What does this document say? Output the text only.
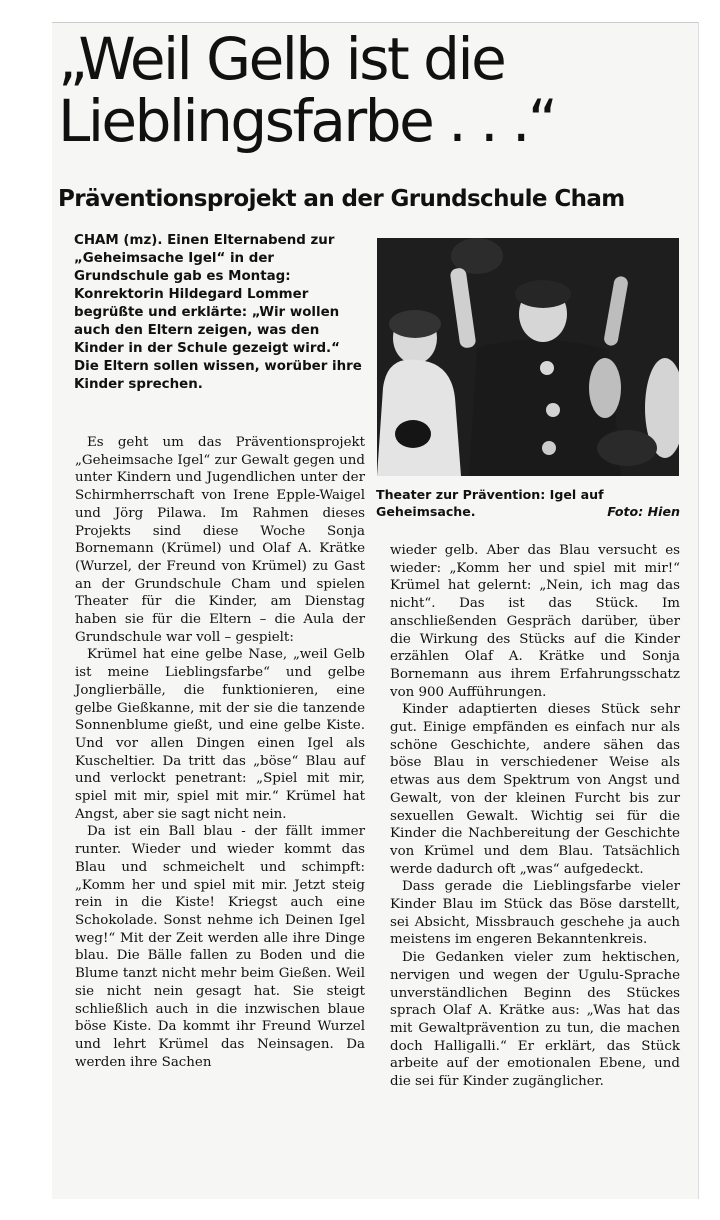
„Weil Gelb ist die
Lieblingsfarbe . . .“
Präventionsprojekt an der Grundschule Cham

CHAM (mz). Einen Elternabend zur „Geheimsache Igel“ in der Grundschule gab es Montag: Konrektorin Hildegard Lommer begrüßte und erklärte: „Wir wollen auch den Eltern zeigen, was den Kinder in der Schule gezeigt wird.“ Die Eltern sollen wissen, worüber ihre Kinder sprechen.

Theater zur Prävention: Igel auf Geheimsache.	Foto: Hien

Es geht um das Präventionsprojekt „Geheimsache Igel“ zur Gewalt gegen und unter Kindern und Jugendlichen unter der Schirmherrschaft von Irene Epple-Waigel und Jörg Pilawa. Im Rahmen dieses Projekts sind diese Woche Sonja Bornemann (Krümel) und Olaf A. Krätke (Wurzel, der Freund von Krümel) zu Gast an der Grundschule Cham und spielen Theater für die Kinder, am Dienstag haben sie für die Eltern – die Aula der Grundschule war voll – gespielt:

Krümel hat eine gelbe Nase, „weil Gelb ist meine Lieblingsfarbe“ und gelbe Jonglierbälle, die funktionieren, eine gelbe Gießkanne, mit der sie die tanzende Sonnenblume gießt, und eine gelbe Kiste. Und vor allen Dingen einen Igel als Kuscheltier. Da tritt das „böse“ Blau auf und verlockt penetrant: „Spiel mit mir, spiel mit mir, spiel mit mir.“ Krümel hat Angst, aber sie sagt nicht nein.

Da ist ein Ball blau - der fällt immer runter. Wieder und wieder kommt das Blau und schmeichelt und schimpft: „Komm her und spiel mit mir. Jetzt steig rein in die Kiste! Kriegst auch eine Schokolade. Sonst nehme ich Deinen Igel weg!“ Mit der Zeit werden alle ihre Dinge blau. Die Bälle fallen zu Boden und die Blume tanzt nicht mehr beim Gießen. Weil sie nicht nein gesagt hat. Sie steigt schließlich auch in die inzwischen blaue böse Kiste. Da kommt ihr Freund Wurzel und lehrt Krümel das Neinsagen. Da werden ihre Sachen

wieder gelb. Aber das Blau versucht es wieder: „Komm her und spiel mit mir!“ Krümel hat gelernt: „Nein, ich mag das nicht“. Das ist das Stück. Im anschließenden Gespräch darüber, über die Wirkung des Stücks auf die Kinder erzählen Olaf A. Krätke und Sonja Bornemann aus ihrem Erfahrungsschatz von 900 Aufführungen.

Kinder adaptierten dieses Stück sehr gut. Einige empfänden es einfach nur als schöne Geschichte, andere sähen das böse Blau in verschiedener Weise als etwas aus dem Spektrum von Angst und Gewalt, von der kleinen Furcht bis zur sexuellen Gewalt. Wichtig sei für die Kinder die Nachbereitung der Geschichte von Krümel und dem Blau. Tatsächlich werde dadurch oft „was“ aufgedeckt.

Dass gerade die Lieblingsfarbe vieler Kinder Blau im Stück das Böse darstellt, sei Absicht, Missbrauch geschehe ja auch meistens im engeren Bekanntenkreis.

Die Gedanken vieler zum hektischen, nervigen und wegen der Ugulu-Sprache unverständlichen Beginn des Stückes sprach Olaf A. Krätke aus: „Was hat das mit Gewaltprävention zu tun, die machen doch Halligalli.“ Er erklärt, das Stück arbeite auf der emotionalen Ebene, und die sei für Kinder zugänglicher.
